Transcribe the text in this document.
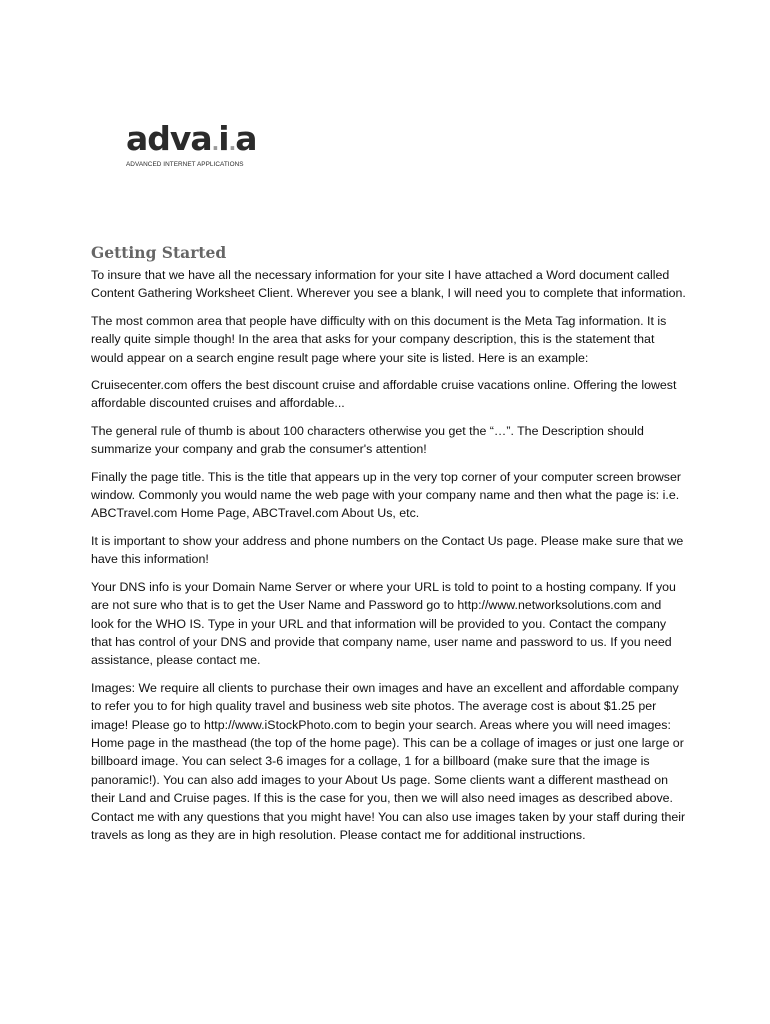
adva.i.a
ADVANCED INTERNET APPLICATIONS
Getting Started

To insure that we have all the necessary information for your site I have attached a Word document called Content Gathering Worksheet Client. Wherever you see a blank, I will need you to complete that information.

The most common area that people have difficulty with on this document is the Meta Tag information. It is really quite simple though! In the area that asks for your company description, this is the statement that would appear on a search engine result page where your site is listed. Here is an example:

Cruisecenter.com offers the best discount cruise and affordable cruise vacations online. Offering the lowest affordable discounted cruises and affordable...

The general rule of thumb is about 100 characters otherwise you get the “…”. The Description should summarize your company and grab the consumer's attention!

Finally the page title. This is the title that appears up in the very top corner of your computer screen browser window. Commonly you would name the web page with your company name and then what the page is: i.e. ABCTravel.com Home Page, ABCTravel.com About Us, etc.

It is important to show your address and phone numbers on the Contact Us page. Please make sure that we have this information!

Your DNS info is your Domain Name Server or where your URL is told to point to a hosting company. If you are not sure who that is to get the User Name and Password go to http://www.networksolutions.com and look for the WHO IS. Type in your URL and that information will be provided to you. Contact the company that has control of your DNS and provide that company name, user name and password to us. If you need assistance, please contact me.

Images: We require all clients to purchase their own images and have an excellent and affordable company to refer you to for high quality travel and business web site photos. The average cost is about $1.25 per image! Please go to http://www.iStockPhoto.com to begin your search. Areas where you will need images: Home page in the masthead (the top of the home page). This can be a collage of images or just one large or billboard image. You can select 3-6 images for a collage, 1 for a billboard (make sure that the image is panoramic!). You can also add images to your About Us page. Some clients want a different masthead on their Land and Cruise pages. If this is the case for you, then we will also need images as described above. Contact me with any questions that you might have! You can also use images taken by your staff during their travels as long as they are in high resolution. Please contact me for additional instructions.
